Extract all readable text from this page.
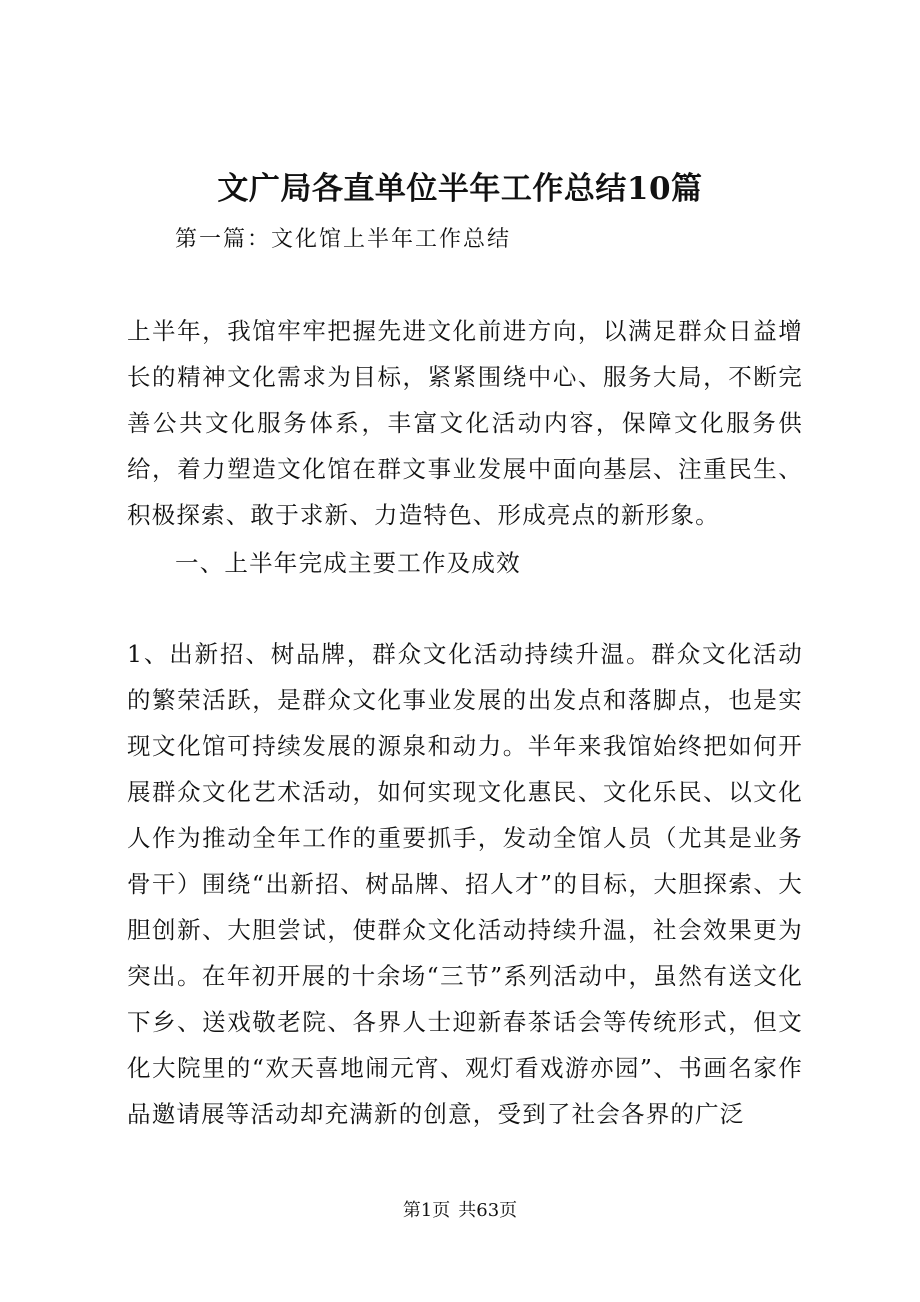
文广局各直单位半年工作总结10篇

第一篇：文化馆上半年工作总结

上半年，我馆牢牢把握先进文化前进方向，以满足群众日益增长的精神文化需求为目标，紧紧围绕中心、服务大局，不断完善公共文化服务体系，丰富文化活动内容，保障文化服务供给，着力塑造文化馆在群文事业发展中面向基层、注重民生、积极探索、敢于求新、力造特色、形成亮点的新形象。

一、上半年完成主要工作及成效

1、出新招、树品牌，群众文化活动持续升温。群众文化活动的繁荣活跃，是群众文化事业发展的出发点和落脚点，也是实现文化馆可持续发展的源泉和动力。半年来我馆始终把如何开展群众文化艺术活动，如何实现文化惠民、文化乐民、以文化人作为推动全年工作的重要抓手，发动全馆人员（尤其是业务骨干）围绕“出新招、树品牌、招人才”的目标，大胆探索、大胆创新、大胆尝试，使群众文化活动持续升温，社会效果更为突出。在年初开展的十余场“三节”系列活动中，虽然有送文化下乡、送戏敬老院、各界人士迎新春茶话会等传统形式，但文化大院里的“欢天喜地闹元宵、观灯看戏游亦园”、书画名家作品邀请展等活动却充满新的创意，受到了社会各界的广泛

第1页 共63页
